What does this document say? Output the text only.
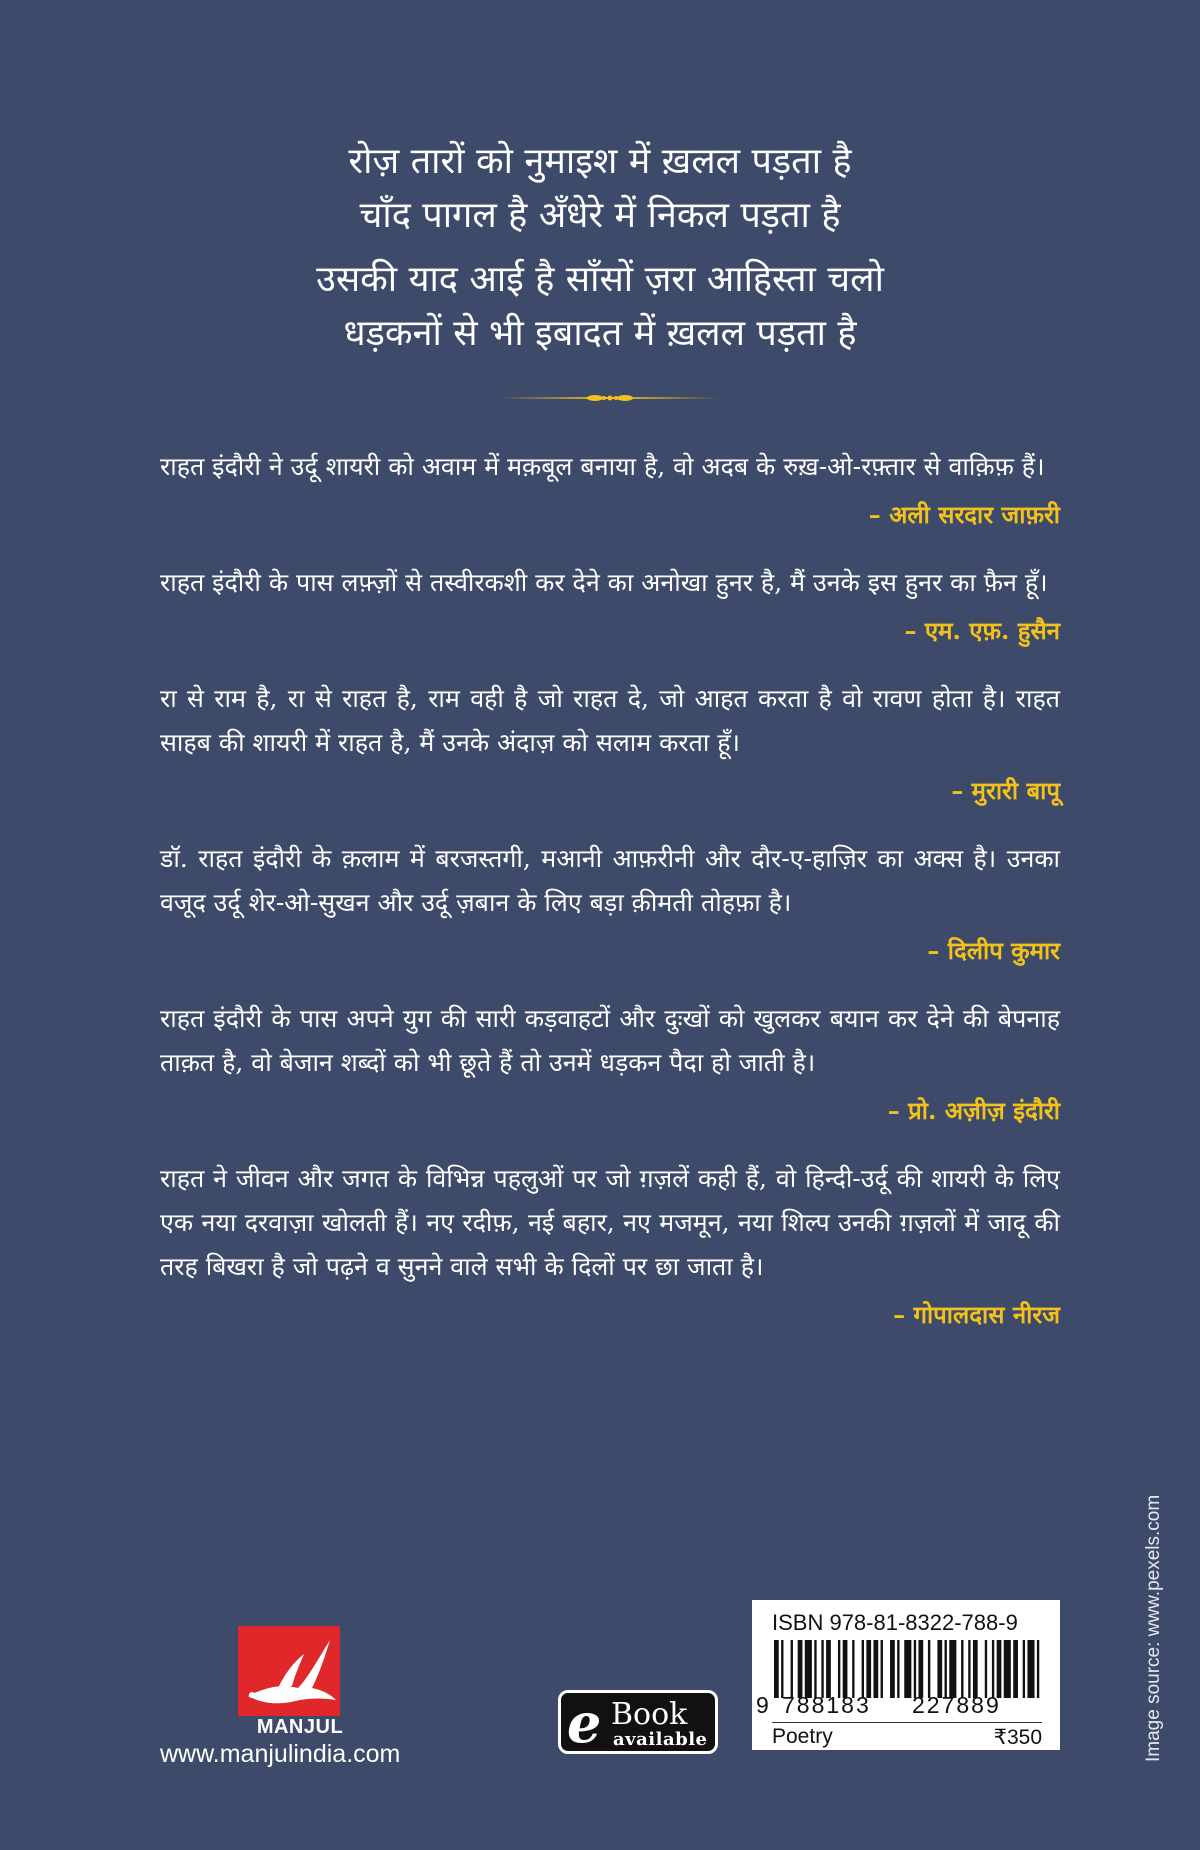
रोज़ तारों को नुमाइश में ख़लल पड़ता है
चाँद पागल है अँधेरे में निकल पड़ता है
उसकी याद आई है साँसों ज़रा आहिस्ता चलो
धड़कनों से भी इबादत में ख़लल पड़ता है

राहत इंदौरी ने उर्दू शायरी को अवाम में मक़बूल बनाया है, वो अदब के रुख़-ओ-रफ़्तार से वाक़िफ़ हैं।

– अली सरदार जाफ़री

राहत इंदौरी के पास लफ़्ज़ों से तस्वीरकशी कर देने का अनोखा हुनर है, मैं उनके इस हुनर का फ़ैन हूँ।

– एम. एफ़. हुसैन

रा से राम है, रा से राहत है, राम वही है जो राहत दे, जो आहत करता है वो रावण होता है। राहत साहब की शायरी में राहत है, मैं उनके अंदाज़ को सलाम करता हूँ।

– मुरारी बापू

डॉ. राहत इंदौरी के क़लाम में बरजस्तगी, मआनी आफ़रीनी और दौर-ए-हाज़िर का अक्स है। उनका वजूद उर्दू शेर-ओ-सुखन और उर्दू ज़बान के लिए बड़ा क़ीमती तोहफ़ा है।

– दिलीप कुमार

राहत इंदौरी के पास अपने युग की सारी कड़वाहटों और दुःखों को खुलकर बयान कर देने की बेपनाह ताक़त है, वो बेजान शब्दों को भी छूते हैं तो उनमें धड़कन पैदा हो जाती है।

– प्रो. अज़ीज़ इंदौरी

राहत ने जीवन और जगत के विभिन्न पहलुओं पर जो ग़ज़लें कही हैं, वो हिन्दी-उर्दू की शायरी के लिए एक नया दरवाज़ा खोलती हैं। नए रदीफ़, नई बहार, नए मजमून, नया शिल्प उनकी ग़ज़लों में जादू की तरह बिखरा है जो पढ़ने व सुनने वाले सभी के दिलों पर छा जाता है।

– गोपालदास नीरज
Image source: www.pexels.com
MANJUL
www.manjulindia.com	e Book
available
ISBN 978-81-8322-788-9
9 788183 227889
Poetry	₹350
